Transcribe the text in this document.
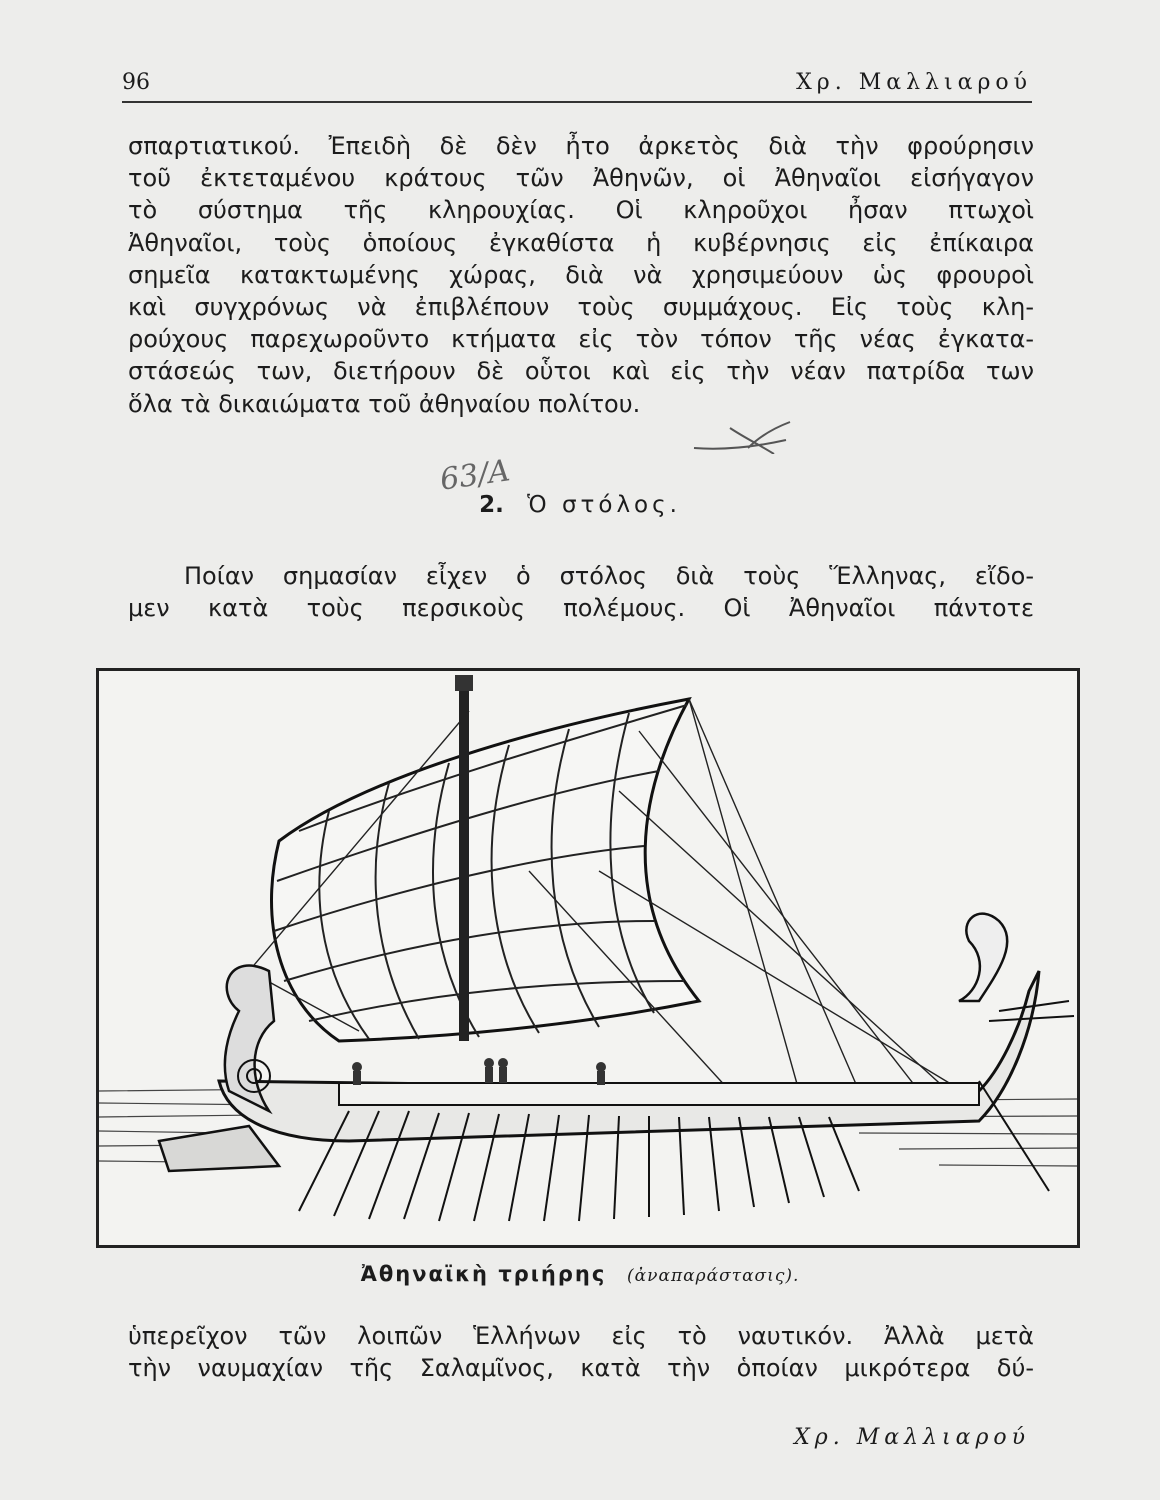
96	Χρ. Μαλλιαρού
σπαρτιατικού. Ἐπειδὴ δὲ δὲν ἦτο ἀρκετὸς διὰ τὴν φρούρησιν
τοῦ ἐκτεταμένου κράτους τῶν Ἀθηνῶν, οἱ Ἀθηναῖοι εἰσήγαγον
τὸ σύστημα τῆς κληρουχίας. Οἱ κληροῦχοι ἦσαν πτωχοὶ
Ἀθηναῖοι, τοὺς ὁποίους ἐγκαθίστα ἡ κυβέρνησις εἰς ἐπίκαιρα
σημεῖα κατακτωμένης χώρας, διὰ νὰ χρησιμεύουν ὡς φρουροὶ
καὶ συγχρόνως νὰ ἐπιβλέπουν τοὺς συμμάχους. Εἰς τοὺς κλη-
ρούχους παρεχωροῦντο κτήματα εἰς τὸν τόπον τῆς νέας ἐγκατα-
στάσεώς των, διετήρουν δὲ οὗτοι καὶ εἰς τὴν νέαν πατρίδα των
ὅλα τὰ δικαιώματα τοῦ ἀθηναίου πολίτου.
63/Α
2. Ὁ στόλος.
Ποίαν σημασίαν εἶχεν ὁ στόλος διὰ τοὺς Ἕλληνας, εἴδο-
μεν κατὰ τοὺς περσικοὺς πολέμους. Οἱ Ἀθηναῖοι πάντοτε
Ἀθηναϊκὴ τριήρης (ἀναπαράστασις).
ὑπερεῖχον τῶν λοιπῶν Ἑλλήνων εἰς τὸ ναυτικόν. Ἀλλὰ μετὰ
τὴν ναυμαχίαν τῆς Σαλαμῖνος, κατὰ τὴν ὁποίαν μικρότερα δύ-
Χρ. Μαλλιαρού
